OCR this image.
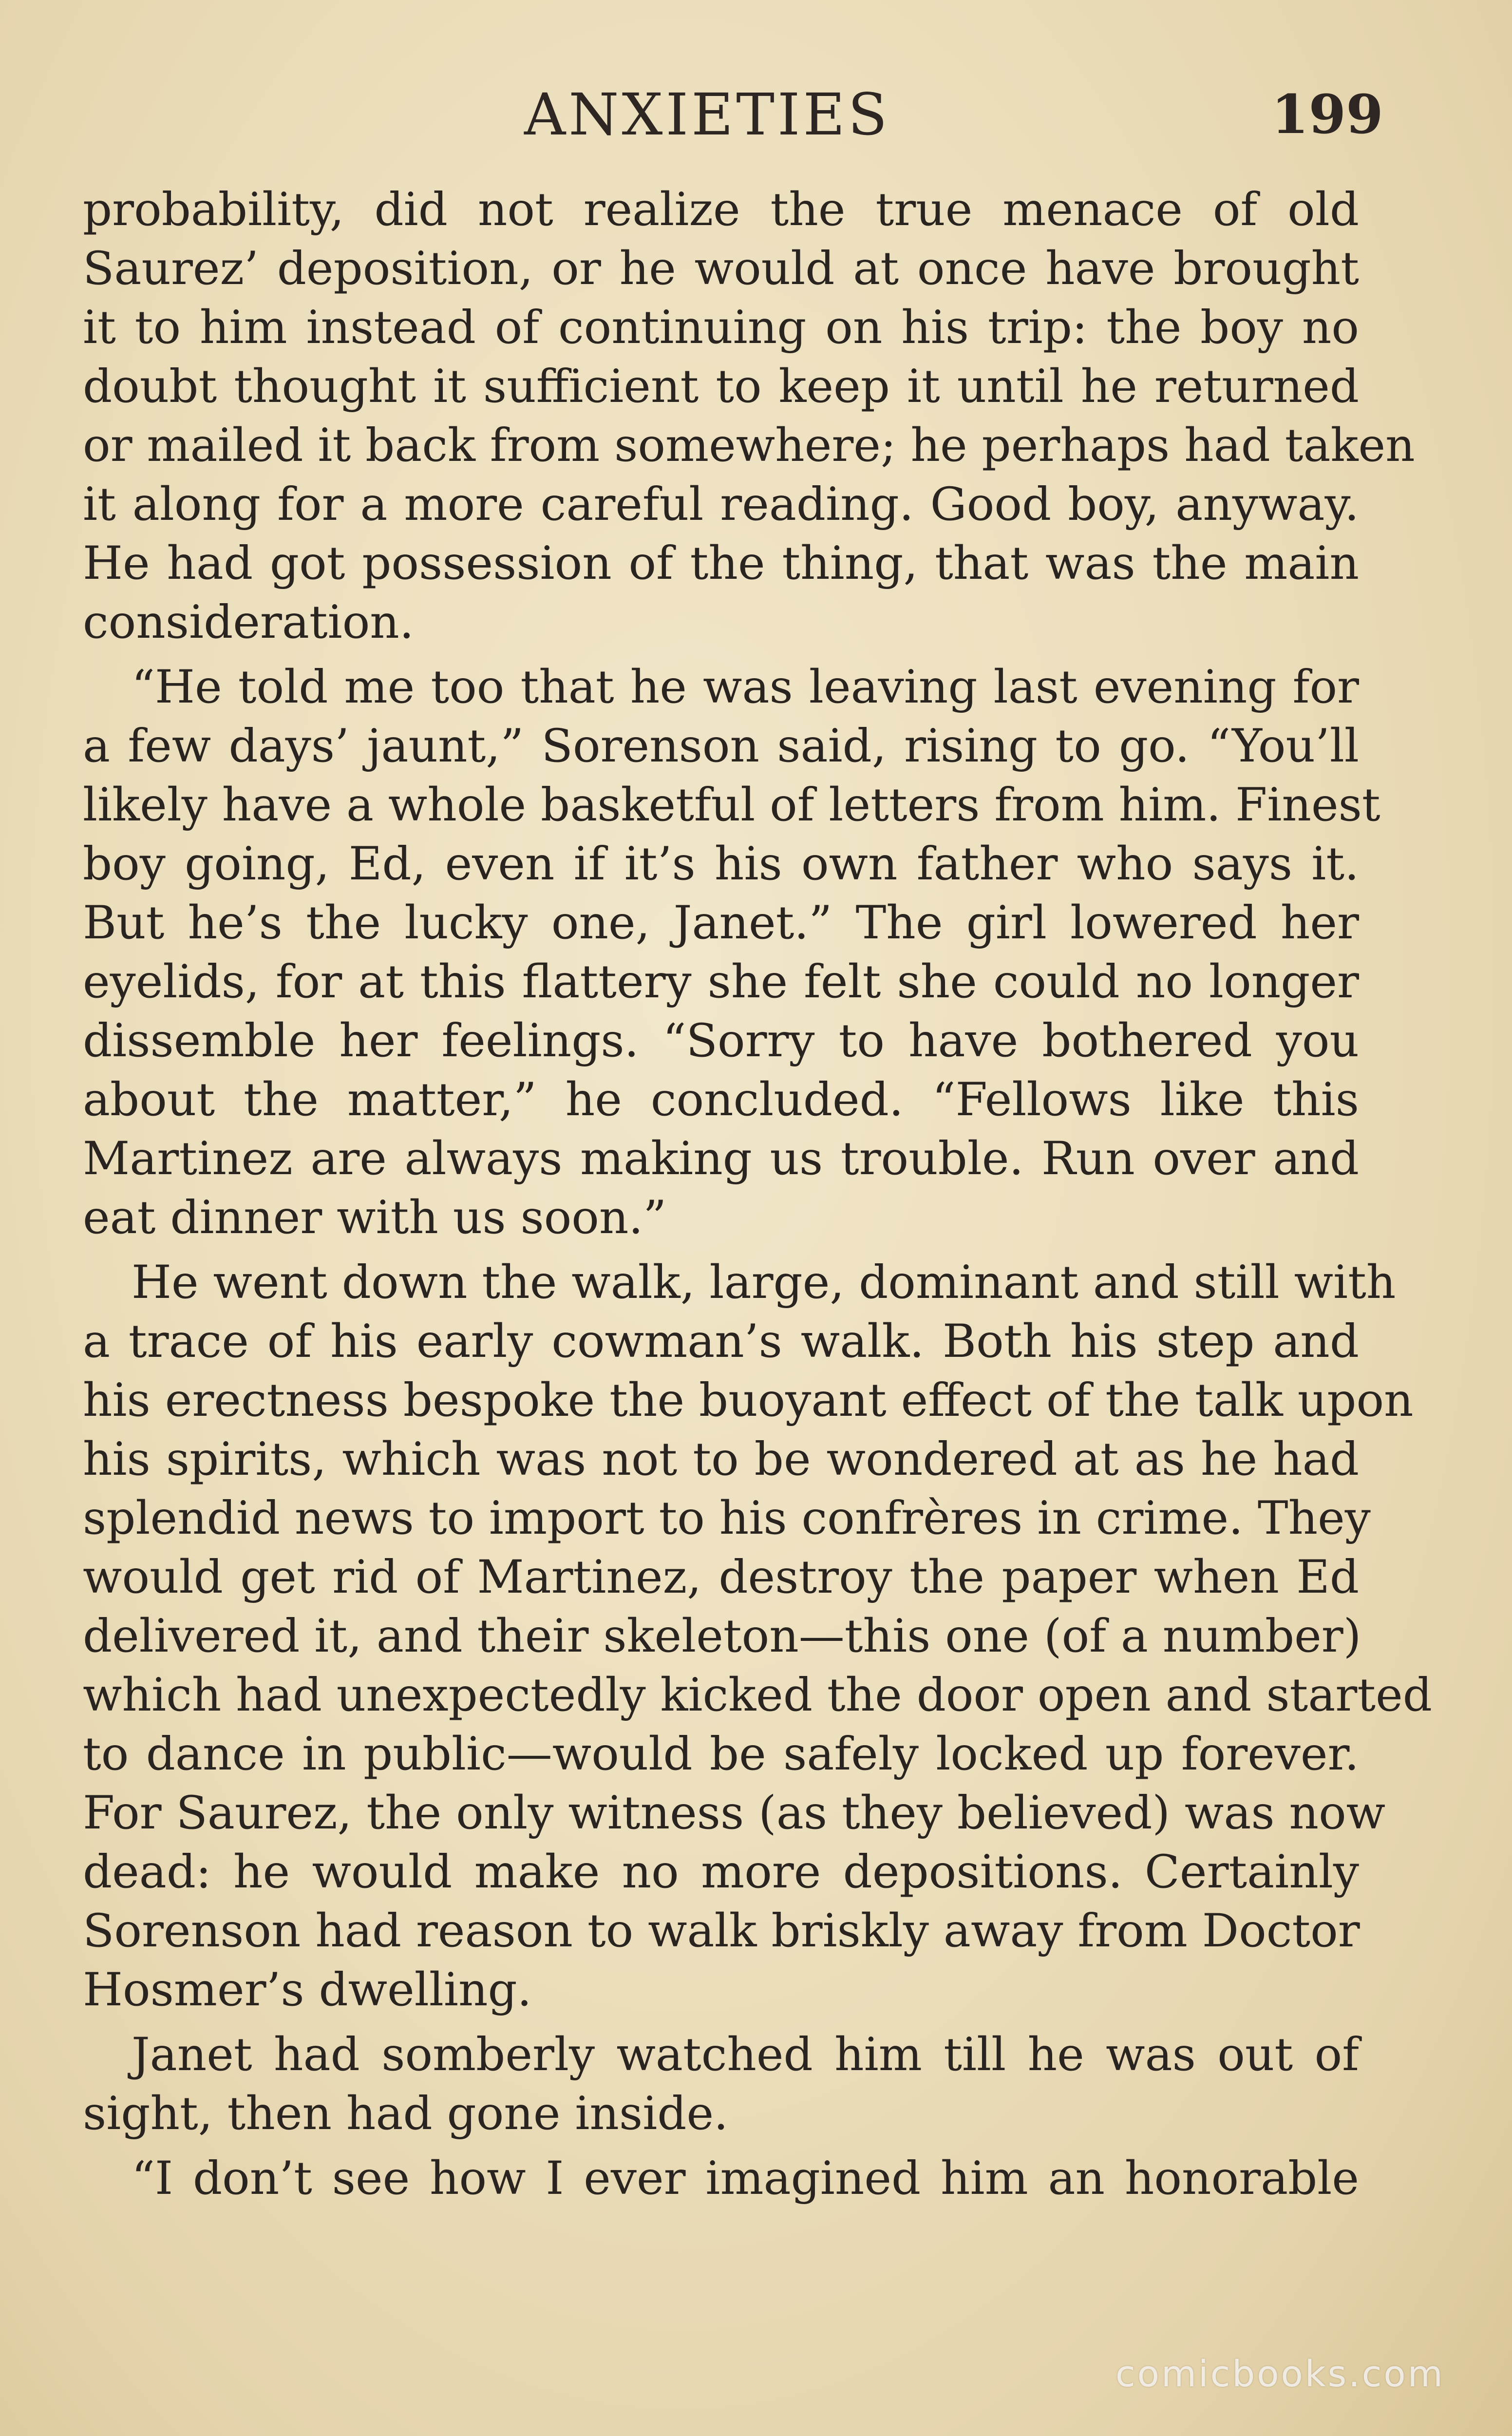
ANXIETIES	199
probability, did not realize the true menace of old
Saurez’ deposition, or he would at once have brought
it to him instead of continuing on his trip: the boy no
doubt thought it sufficient to keep it until he returned
or mailed it back from somewhere; he perhaps had taken
it along for a more careful reading. Good boy, anyway.
He had got possession of the thing, that was the main
consideration.
“He told me too that he was leaving last evening for
a few days’ jaunt,” Sorenson said, rising to go. “You’ll
likely have a whole basketful of letters from him. Finest
boy going, Ed, even if it’s his own father who says it.
But he’s the lucky one, Janet.” The girl lowered her
eyelids, for at this flattery she felt she could no longer
dissemble her feelings. “Sorry to have bothered you
about the matter,” he concluded. “Fellows like this
Martinez are always making us trouble. Run over and
eat dinner with us soon.”
He went down the walk, large, dominant and still with
a trace of his early cowman’s walk. Both his step and
his erectness bespoke the buoyant effect of the talk upon
his spirits, which was not to be wondered at as he had
splendid news to import to his confrères in crime. They
would get rid of Martinez, destroy the paper when Ed
delivered it, and their skeleton—this one (of a number)
which had unexpectedly kicked the door open and started
to dance in public—would be safely locked up forever.
For Saurez, the only witness (as they believed) was now
dead: he would make no more depositions. Certainly
Sorenson had reason to walk briskly away from Doctor
Hosmer’s dwelling.
Janet had somberly watched him till he was out of
sight, then had gone inside.
“I don’t see how I ever imagined him an honorable
comicbooks.com
